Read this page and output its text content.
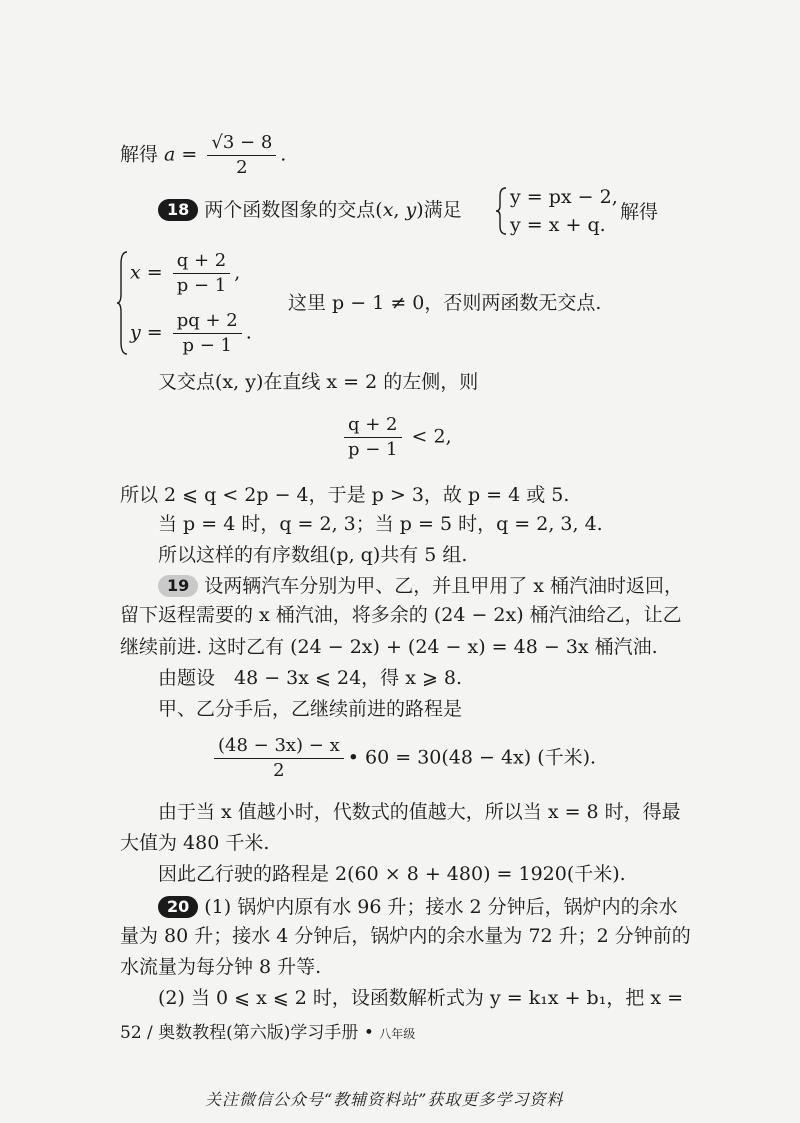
解得 $a = \frac{√3 - 8}{2}$ .
18 两个函数图象的交点(x, y)满足
y = px − 2,
y = x + q.
解得
$x = \frac{q + 2}{p - 1}$ ,
$y = \frac{pq + 2}{p - 1}$ .
这里 p − 1 ≠ 0，否则两函数无交点.
又交点(x, y)在直线 x = 2 的左侧，则
$\frac{q + 2}{p - 1} < 2$,
所以 2 ⩽ q < 2p − 4，于是 p > 3，故 p = 4 或 5.
当 p = 4 时，q = 2, 3；当 p = 5 时，q = 2, 3, 4.
所以这样的有序数组(p, q)共有 5 组.
19 设两辆汽车分别为甲、乙，并且甲用了 x 桶汽油时返回，
留下返程需要的 x 桶汽油，将多余的 (24 − 2x) 桶汽油给乙，让乙
继续前进. 这时乙有 (24 − 2x) + (24 − x) = 48 − 3x 桶汽油.
由题设　48 − 3x ⩽ 24，得 x ⩾ 8.
甲、乙分手后，乙继续前进的路程是
$\frac{(48 - 3x) - x}{2}$ • 60 = 30(48 − 4x) (千米).
由于当 x 值越小时，代数式的值越大，所以当 x = 8 时，得最
大值为 480 千米.
因此乙行驶的路程是 2(60 × 8 + 480) = 1920(千米).
20 (1) 锅炉内原有水 96 升；接水 2 分钟后，锅炉内的余水
量为 80 升；接水 4 分钟后，锅炉内的余水量为 72 升；2 分钟前的
水流量为每分钟 8 升等.
(2) 当 0 ⩽ x ⩽ 2 时，设函数解析式为 y = k₁x + b₁，把 x =
52 / 奥数教程(第六版)学习手册 • 八年级
关注微信公众号“教辅资料站”获取更多学习资料
